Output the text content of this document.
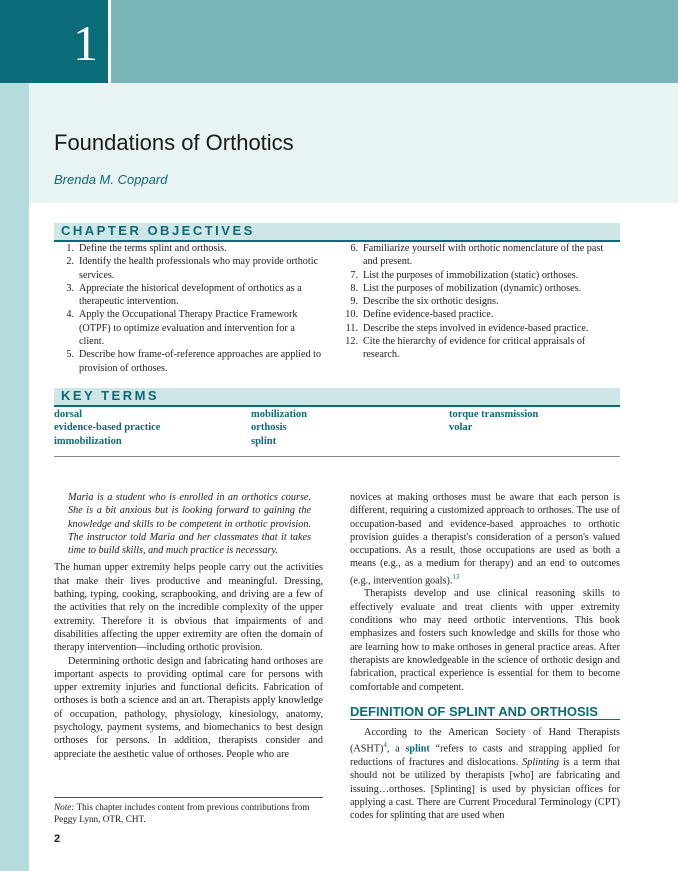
1
Foundations of Orthotics
Brenda M. Coppard
CHAPTER OBJECTIVES
1. Define the terms splint and orthosis.
2. Identify the health professionals who may provide orthotic services.
3. Appreciate the historical development of orthotics as a therapeutic intervention.
4. Apply the Occupational Therapy Practice Framework (OTPF) to optimize evaluation and intervention for a client.
5. Describe how frame-of-reference approaches are applied to provision of orthoses.
6. Familiarize yourself with orthotic nomenclature of the past and present.
7. List the purposes of immobilization (static) orthoses.
8. List the purposes of mobilization (dynamic) orthoses.
9. Describe the six orthotic designs.
10. Define evidence-based practice.
11. Describe the steps involved in evidence-based practice.
12. Cite the hierarchy of evidence for critical appraisals of research.
KEY TERMS
dorsal
evidence-based practice
immobilization
mobilization
orthosis
splint
torque transmission
volar

Maria is a student who is enrolled in an orthotics course. She is a bit anxious but is looking forward to gaining the knowledge and skills to be competent in orthotic provision. The instructor told Maria and her classmates that it takes time to build skills, and much practice is necessary.

The human upper extremity helps people carry out the activities that make their lives productive and meaningful. Dressing, bathing, typing, cooking, scrapbooking, and driving are a few of the activities that rely on the incredible complexity of the upper extremity. Therefore it is obvious that impairments of and disabilities affecting the upper extremity are often the domain of therapy intervention—including orthotic provision.

Determining orthotic design and fabricating hand orthoses are important aspects to providing optimal care for persons with upper extremity injuries and functional deficits. Fabrication of orthoses is both a science and an art. Therapists apply knowledge of occupation, pathology, physiology, kinesiology, anatomy, psychology, payment systems, and biomechanics to best design orthoses for persons. In addition, therapists consider and appreciate the aesthetic value of orthoses. People who are

novices at making orthoses must be aware that each person is different, requiring a customized approach to orthoses. The use of occupation-based and evidence-based approaches to orthotic provision guides a therapist's consideration of a person's valued occupations. As a result, those occupations are used as both a means (e.g., as a medium for therapy) and an end to outcomes (e.g., intervention goals).$^{13}$

Therapists develop and use clinical reasoning skills to effectively evaluate and treat clients with upper extremity conditions who may need orthotic interventions. This book emphasizes and fosters such knowledge and skills for those who are learning how to make orthoses in general practice areas. After therapists are knowledgeable in the science of orthotic design and fabrication, practical experience is essential for them to become comfortable and competent.

DEFINITION OF SPLINT AND ORTHOSIS

According to the American Society of Hand Therapists (ASHT)$^4$, a splint “refers to casts and strapping applied for reductions of fractures and dislocations. Splinting is a term that should not be utilized by therapists [who] are fabricating and issuing…orthoses. [Splinting] is used by physician offices for applying a cast. There are Current Procedural Terminology (CPT) codes for splinting that are used when

Note: This chapter includes content from previous contributions from Peggy Lynn, OTR, CHT.
2
